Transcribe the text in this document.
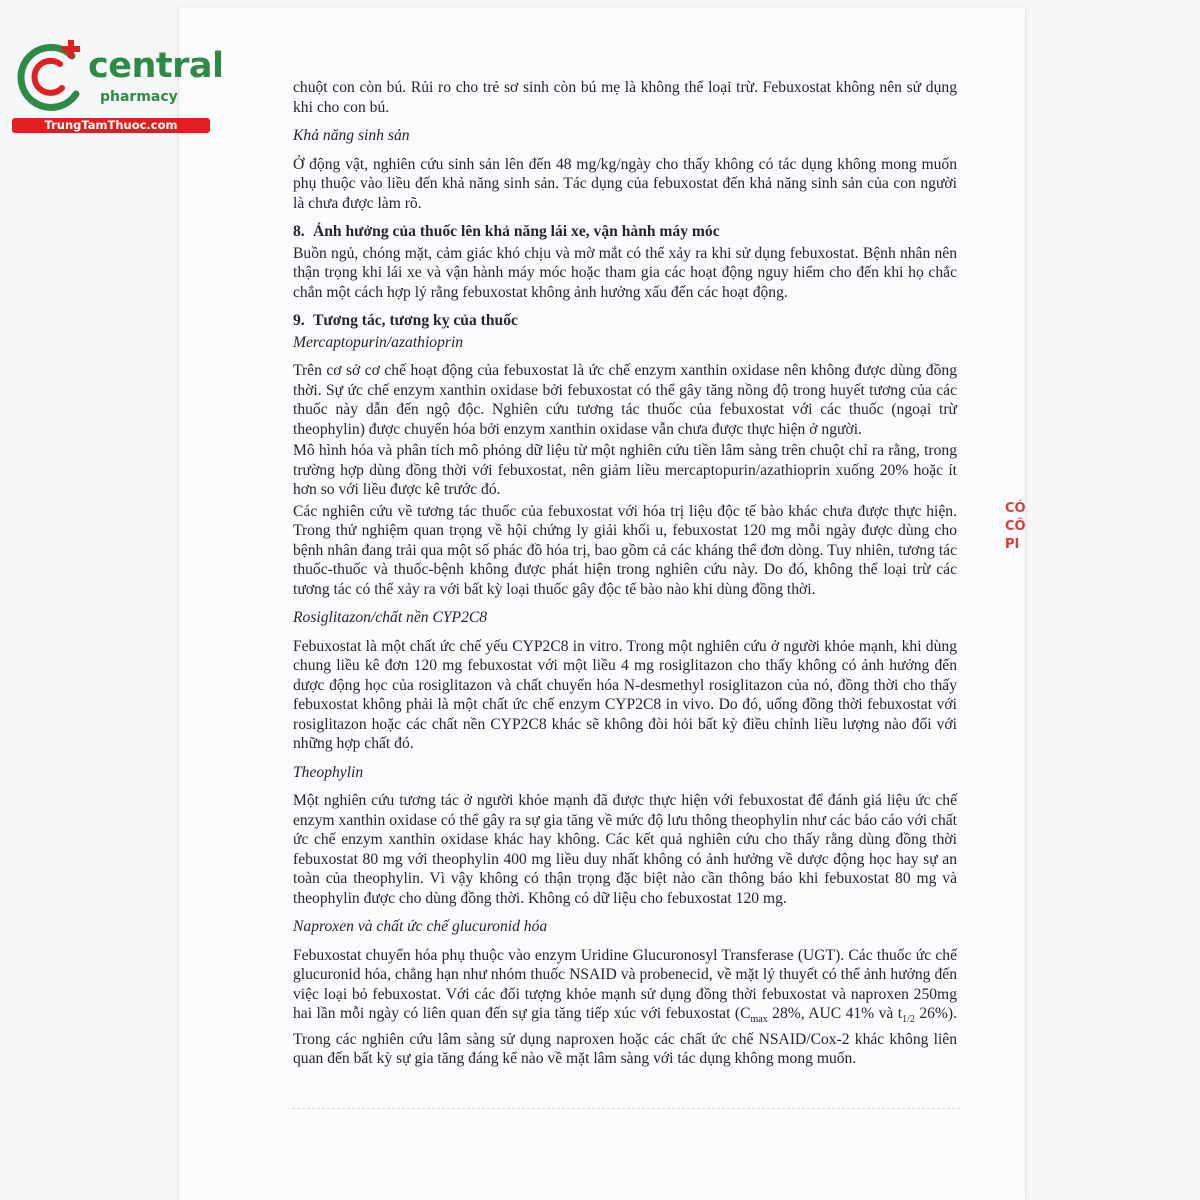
central
pharmacy
TrungTamThuoc.com
CÓ
CÔ
PI

chuột con còn bú. Rủi ro cho trẻ sơ sinh còn bú mẹ là không thể loại trừ. Febuxostat không nên sử dụng khi cho con bú.

Khả năng sinh sản

Ở động vật, nghiên cứu sinh sản lên đến 48 mg/kg/ngày cho thấy không có tác dụng không mong muốn phụ thuộc vào liều đến khả năng sinh sản. Tác dụng của febuxostat đến khả năng sinh sản của con người là chưa được làm rõ.

8. Ảnh hưởng của thuốc lên khả năng lái xe, vận hành máy móc

Buồn ngủ, chóng mặt, cảm giác khó chịu và mờ mắt có thể xảy ra khi sử dụng febuxostat. Bệnh nhân nên thận trọng khi lái xe và vận hành máy móc hoặc tham gia các hoạt động nguy hiểm cho đến khi họ chắc chắn một cách hợp lý rằng febuxostat không ảnh hưởng xấu đến các hoạt động.

9. Tương tác, tương kỵ của thuốc

Mercaptopurin/azathioprin

Trên cơ sở cơ chế hoạt động của febuxostat là ức chế enzym xanthin oxidase nên không được dùng đồng thời. Sự ức chế enzym xanthin oxidase bởi febuxostat có thể gây tăng nồng độ trong huyết tương của các thuốc này dẫn đến ngộ độc. Nghiên cứu tương tác thuốc của febuxostat với các thuốc (ngoại trừ theophylin) được chuyển hóa bởi enzym xanthin oxidase vẫn chưa được thực hiện ở người.

Mô hình hóa và phân tích mô phỏng dữ liệu từ một nghiên cứu tiền lâm sàng trên chuột chỉ ra rằng, trong trường hợp dùng đồng thời với febuxostat, nên giảm liều mercaptopurin/azathioprin xuống 20% hoặc ít hơn so với liều được kê trước đó.

Các nghiên cứu về tương tác thuốc của febuxostat với hóa trị liệu độc tế bào khác chưa được thực hiện. Trong thử nghiệm quan trọng về hội chứng ly giải khối u, febuxostat 120 mg mỗi ngày được dùng cho bệnh nhân đang trải qua một số phác đồ hóa trị, bao gồm cả các kháng thể đơn dòng. Tuy nhiên, tương tác thuốc-thuốc và thuốc-bệnh không được phát hiện trong nghiên cứu này. Do đó, không thể loại trừ các tương tác có thể xảy ra với bất kỳ loại thuốc gây độc tế bào nào khi dùng đồng thời.

Rosiglitazon/chất nền CYP2C8

Febuxostat là một chất ức chế yếu CYP2C8 in vitro. Trong một nghiên cứu ở người khỏe mạnh, khi dùng chung liều kê đơn 120 mg febuxostat với một liều 4 mg rosiglitazon cho thấy không có ảnh hưởng đến dược động học của rosiglitazon và chất chuyển hóa N-desmethyl rosiglitazon của nó, đồng thời cho thấy febuxostat không phải là một chất ức chế enzym CYP2C8 in vivo. Do đó, uống đồng thời febuxostat với rosiglitazon hoặc các chất nền CYP2C8 khác sẽ không đòi hỏi bất kỳ điều chỉnh liều lượng nào đối với những hợp chất đó.

Theophylin

Một nghiên cứu tương tác ở người khỏe mạnh đã được thực hiện với febuxostat để đánh giá liệu ức chế enzym xanthin oxidase có thể gây ra sự gia tăng về mức độ lưu thông theophylin như các báo cáo với chất ức chế enzym xanthin oxidase khác hay không. Các kết quả nghiên cứu cho thấy rằng dùng đồng thời febuxostat 80 mg với theophylin 400 mg liều duy nhất không có ảnh hưởng về dược động học hay sự an toàn của theophylin. Vì vậy không có thận trọng đặc biệt nào cần thông báo khi febuxostat 80 mg và theophylin được cho dùng đồng thời. Không có dữ liệu cho febuxostat 120 mg.

Naproxen và chất ức chế glucuronid hóa

Febuxostat chuyển hóa phụ thuộc vào enzym Uridine Glucuronosyl Transferase (UGT). Các thuốc ức chế glucuronid hóa, chẳng hạn như nhóm thuốc NSAID và probenecid, về mặt lý thuyết có thể ảnh hưởng đến việc loại bỏ febuxostat. Với các đối tượng khỏe mạnh sử dụng đồng thời febuxostat và naproxen 250mg hai lần mỗi ngày có liên quan đến sự gia tăng tiếp xúc với febuxostat ($C_{max}$ 28%, AUC 41% và $t_{1/2}$ 26%). Trong các nghiên cứu lâm sàng sử dụng naproxen hoặc các chất ức chế NSAID/Cox-2 khác không liên quan đến bất kỳ sự gia tăng đáng kể nào về mặt lâm sàng với tác dụng không mong muốn.
